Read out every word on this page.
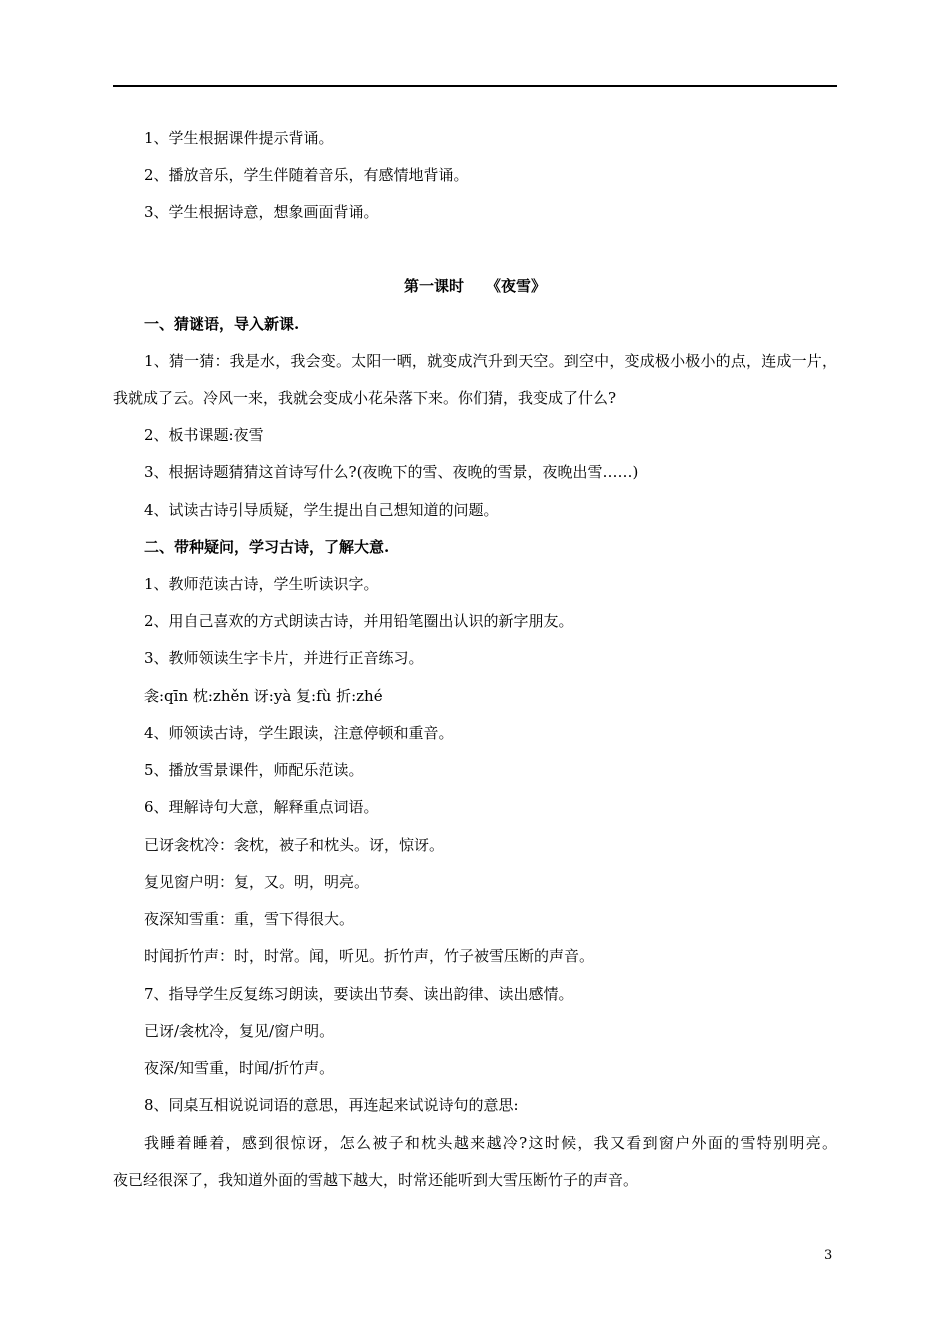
1、学生根据课件提示背诵。
2、播放音乐，学生伴随着音乐，有感情地背诵。
3、学生根据诗意，想象画面背诵。
第一课时 《夜雪》
一、猜谜语，导入新课.
1、猜一猜：我是水，我会变。太阳一晒，就变成汽升到天空。到空中，变成极小极小的点，连成一片，
我就成了云。冷风一来，我就会变成小花朵落下来。你们猜，我变成了什么?
2、板书课题:夜雪
3、根据诗题猜猜这首诗写什么?(夜晚下的雪、夜晚的雪景，夜晚出雪……)
4、试读古诗引导质疑，学生提出自己想知道的问题。
二、带种疑问，学习古诗，了解大意.
1、教师范读古诗，学生听读识字。
2、用自己喜欢的方式朗读古诗，并用铅笔圈出认识的新字朋友。
3、教师领读生字卡片，并进行正音练习。
衾:qīn 枕:zhěn 讶:yà 复:fù 折:zhé
4、师领读古诗，学生跟读，注意停顿和重音。
5、播放雪景课件，师配乐范读。
6、理解诗句大意，解释重点词语。
已讶衾枕冷：衾枕，被子和枕头。讶，惊讶。
复见窗户明：复，又。明，明亮。
夜深知雪重：重，雪下得很大。
时闻折竹声：时，时常。闻，听见。折竹声，竹子被雪压断的声音。
7、指导学生反复练习朗读，要读出节奏、读出韵律、读出感情。
已讶/衾枕冷，复见/窗户明。
夜深/知雪重，时闻/折竹声。
8、同桌互相说说词语的意思，再连起来试说诗句的意思:
我睡着睡着，感到很惊讶，怎么被子和枕头越来越冷?这时候，我又看到窗户外面的雪特别明亮。
夜已经很深了，我知道外面的雪越下越大，时常还能听到大雪压断竹子的声音。
3
